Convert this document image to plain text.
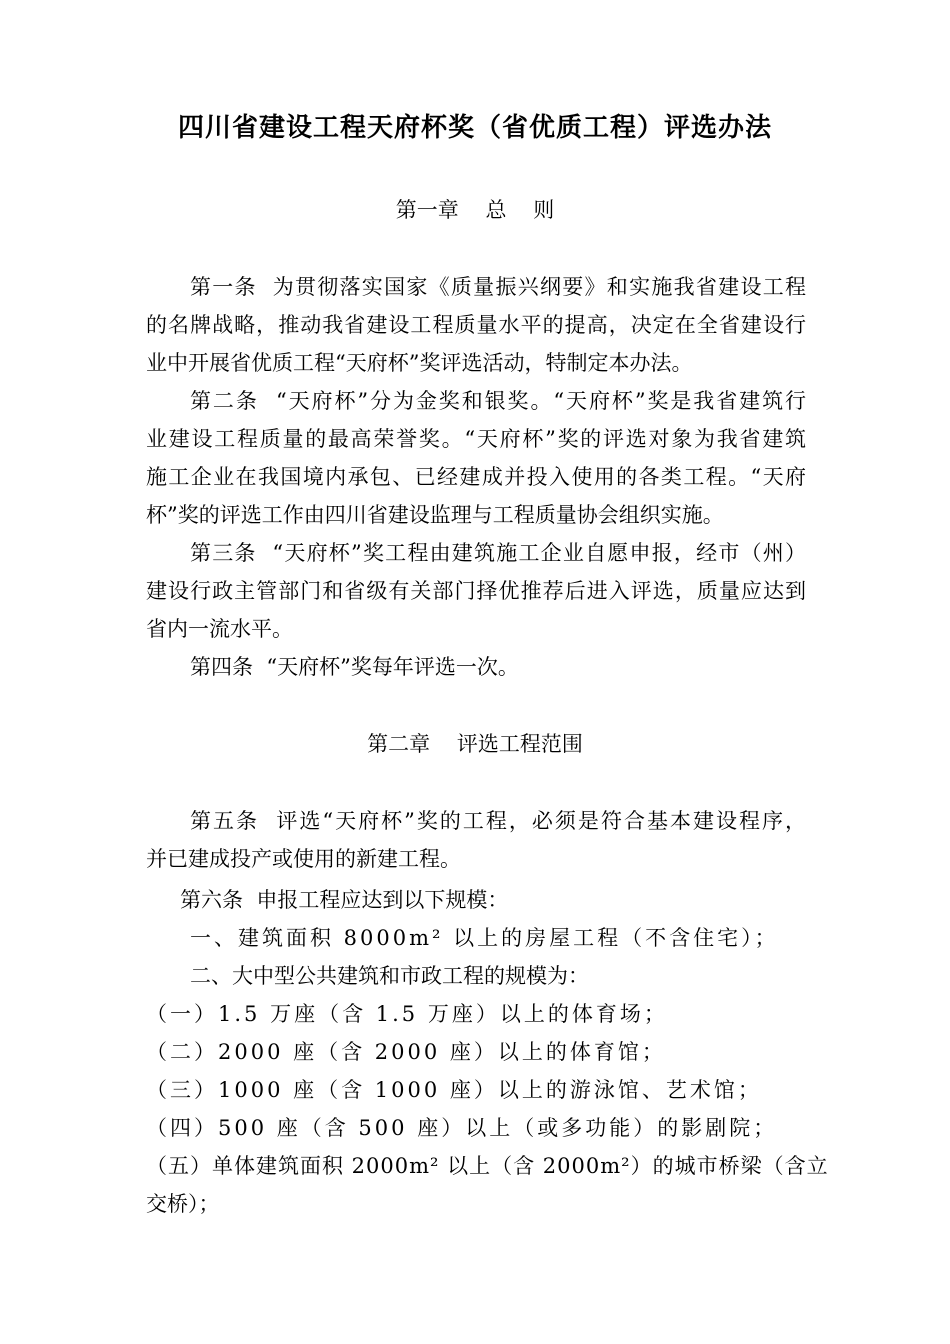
四川省建设工程天府杯奖（省优质工程）评选办法
第一章    总    则
第一条  为贯彻落实国家《质量振兴纲要》和实施我省建设工程
的名牌战略，推动我省建设工程质量水平的提高，决定在全省建设行
业中开展省优质工程“天府杯”奖评选活动，特制定本办法。
第二条  “天府杯”分为金奖和银奖。“天府杯”奖是我省建筑行
业建设工程质量的最高荣誉奖。“天府杯”奖的评选对象为我省建筑
施工企业在我国境内承包、已经建成并投入使用的各类工程。“天府
杯”奖的评选工作由四川省建设监理与工程质量协会组织实施。
第三条  “天府杯”奖工程由建筑施工企业自愿申报，经市（州）
建设行政主管部门和省级有关部门择优推荐后进入评选，质量应达到
省内一流水平。
第四条  “天府杯”奖每年评选一次。
第二章    评选工程范围
第五条  评选“天府杯”奖的工程，必须是符合基本建设程序，
并已建成投产或使用的新建工程。
第六条  申报工程应达到以下规模：
一、建筑面积 8000m² 以上的房屋工程（不含住宅）；
二、大中型公共建筑和市政工程的规模为：
（一）1.5 万座（含 1.5 万座）以上的体育场；
（二）2000 座（含 2000 座）以上的体育馆；
（三）1000 座（含 1000 座）以上的游泳馆、艺术馆；
（四）500 座（含 500 座）以上（或多功能）的影剧院；
（五）单体建筑面积 2000m² 以上（含 2000m²）的城市桥梁（含立
交桥）；
